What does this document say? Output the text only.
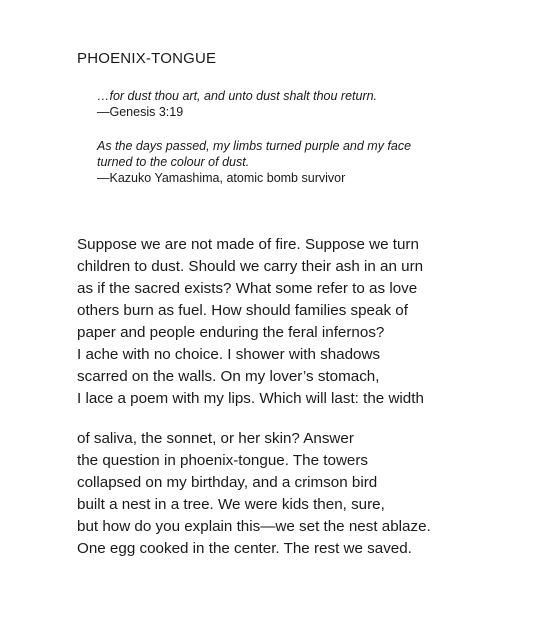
PHOENIX-TONGUE
…for dust thou art, and unto dust shalt thou return.
—Genesis 3:19
As the days passed, my limbs turned purple and my face
turned to the colour of dust.
—Kazuko Yamashima, atomic bomb survivor
Suppose we are not made of fire. Suppose we turn
children to dust. Should we carry their ash in an urn
as if the sacred exists? What some refer to as love
others burn as fuel. How should families speak of
paper and people enduring the feral infernos?
I ache with no choice. I shower with shadows
scarred on the walls. On my lover’s stomach,
I lace a poem with my lips. Which will last: the width
of saliva, the sonnet, or her skin? Answer
the question in phoenix-tongue. The towers
collapsed on my birthday, and a crimson bird
built a nest in a tree. We were kids then, sure,
but how do you explain this—we set the nest ablaze.
One egg cooked in the center. The rest we saved.
